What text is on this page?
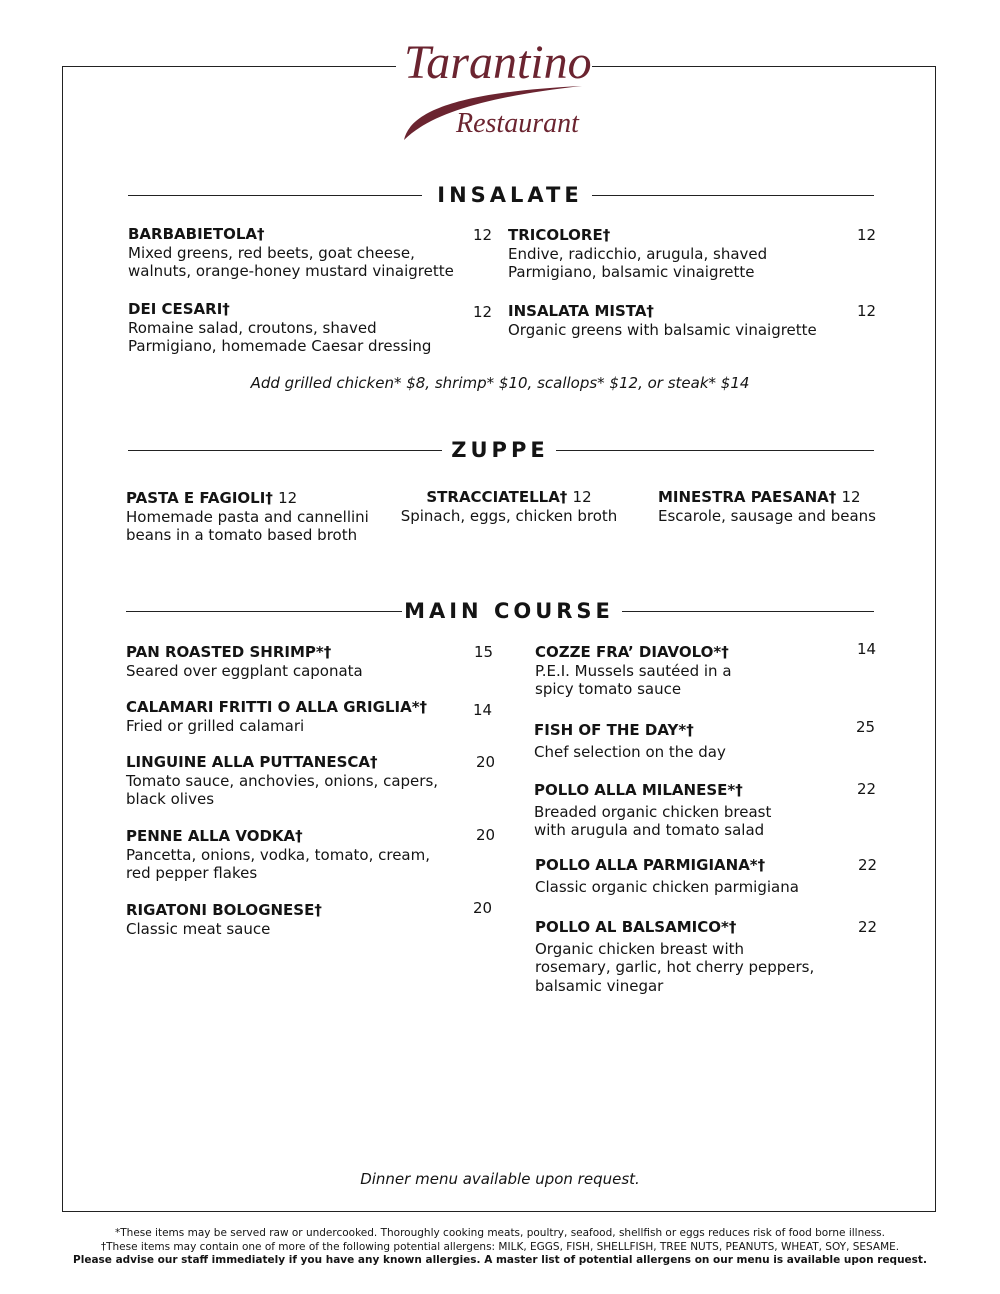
Tarantino
Restaurant
INSALATE
BARBABIETOLA†
Mixed greens, red beets, goat cheese, walnuts, orange-honey mustard vinaigrette
12 TRICOLORE†
Endive, radicchio, arugula, shaved Parmigiano, balsamic vinaigrette
12
DEI CESARI†
Romaine salad, croutons, shaved Parmigiano, homemade Caesar dressing
12 INSALATA MISTA†
Organic greens with balsamic vinaigrette
12
Add grilled chicken* $8, shrimp* $10, scallops* $12, or steak* $14
ZUPPE
PASTA E FAGIOLI† 12
Homemade pasta and cannellini beans in a tomato based broth
STRACCIATELLA† 12
Spinach, eggs, chicken broth
MINESTRA PAESANA† 12
Escarole, sausage and beans
MAIN COURSE
PAN ROASTED SHRIMP*†
Seared over eggplant caponata
15
CALAMARI FRITTI O ALLA GRIGLIA*†
Fried or grilled calamari
14
LINGUINE ALLA PUTTANESCA†
Tomato sauce, anchovies, onions, capers, black olives
20
PENNE ALLA VODKA†
Pancetta, onions, vodka, tomato, cream, red pepper flakes
20
RIGATONI BOLOGNESE†
Classic meat sauce
20
COZZE FRA’ DIAVOLO*†
P.E.I. Mussels sautéed in a spicy tomato sauce
14
FISH OF THE DAY*†
Chef selection on the day
25
POLLO ALLA MILANESE*†
Breaded organic chicken breast with arugula and tomato salad
22
POLLO ALLA PARMIGIANA*†
Classic organic chicken parmigiana
22
POLLO AL BALSAMICO*†
Organic chicken breast with rosemary, garlic, hot cherry peppers, balsamic vinegar
22
Dinner menu available upon request.
*These items may be served raw or undercooked. Thoroughly cooking meats, poultry, seafood, shellfish or eggs reduces risk of food borne illness.
†These items may contain one of more of the following potential allergens: MILK, EGGS, FISH, SHELLFISH, TREE NUTS, PEANUTS, WHEAT, SOY, SESAME.
Please advise our staff immediately if you have any known allergies. A master list of potential allergens on our menu is available upon request.
